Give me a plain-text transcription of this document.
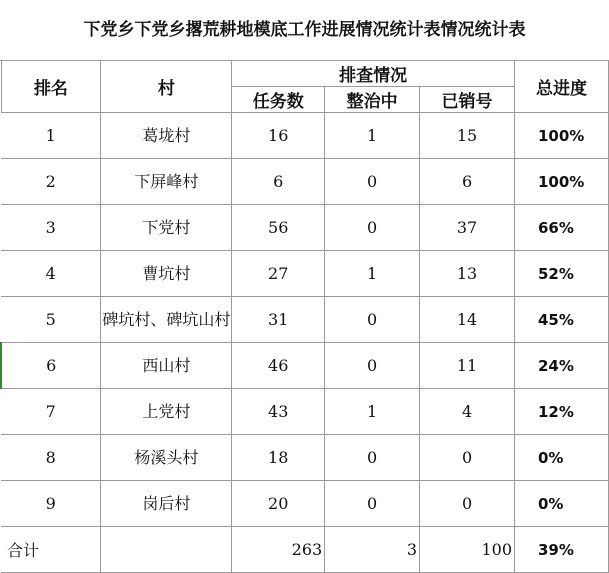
下党乡下党乡撂荒耕地模底工作进展情况统计表情况统计表
排名	村	排查情况			总进度
		任务数	整治中	已销号	
1	葛垅村	16	1	15	100%
2	下屏峰村	6	0	6	100%
3	下党村	56	0	37	66%
4	曹坑村	27	1	13	52%
5	碑坑村、碑坑山村	31	0	14	45%
6	西山村	46	0	11	24%
7	上党村	43	1	4	12%
8	杨溪头村	18	0	0	0%
9	岗后村	20	0	0	0%
合计		263	3	100	39%
